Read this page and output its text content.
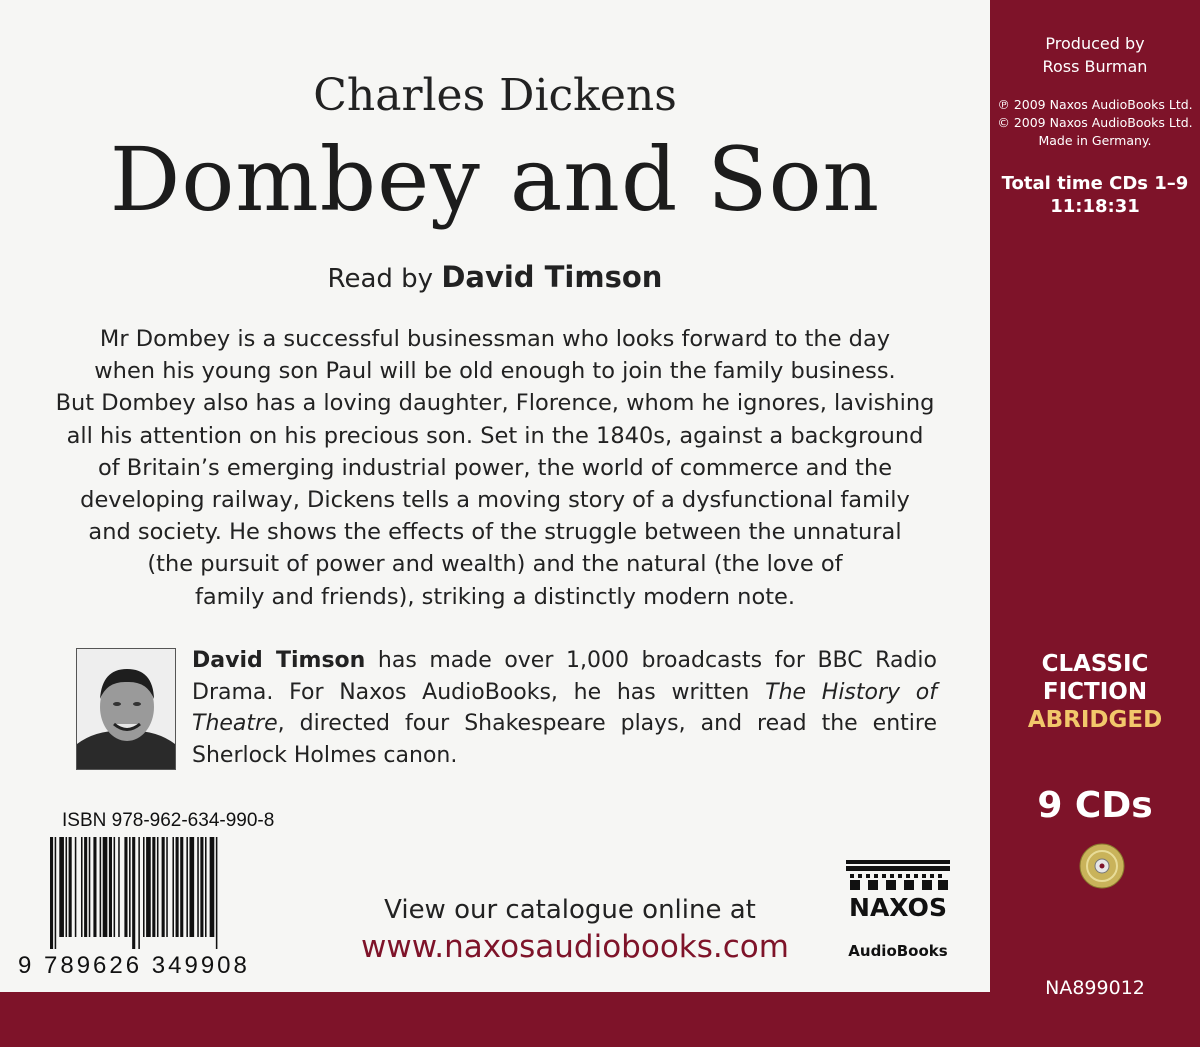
Charles Dickens
Dombey and Son
Read by David Timson
Mr Dombey is a successful businessman who looks forward to the day
when his young son Paul will be old enough to join the family business.
But Dombey also has a loving daughter, Florence, whom he ignores, lavishing
all his attention on his precious son. Set in the 1840s, against a background
of Britain’s emerging industrial power, the world of commerce and the
developing railway, Dickens tells a moving story of a dysfunctional family
and society. He shows the effects of the struggle between the unnatural
(the pursuit of power and wealth) and the natural (the love of
family and friends), striking a distinctly modern note.
David Timson has made over 1,000 broadcasts for BBC Radio
Drama. For Naxos AudioBooks, he has written The History of
Theatre, directed four Shakespeare plays, and read the entire
Sherlock Holmes canon.
ISBN 978-962-634-990-8
9 789626 349908
View our catalogue online at
www.naxosaudiobooks.com
NAXOS
AudioBooks
Produced by
Ross Burman
℗ 2009 Naxos AudioBooks Ltd.
© 2009 Naxos AudioBooks Ltd.
Made in Germany.
Total time CDs 1–9
11:18:31
CLASSIC
FICTION
ABRIDGED
9 CDs
NA899012
